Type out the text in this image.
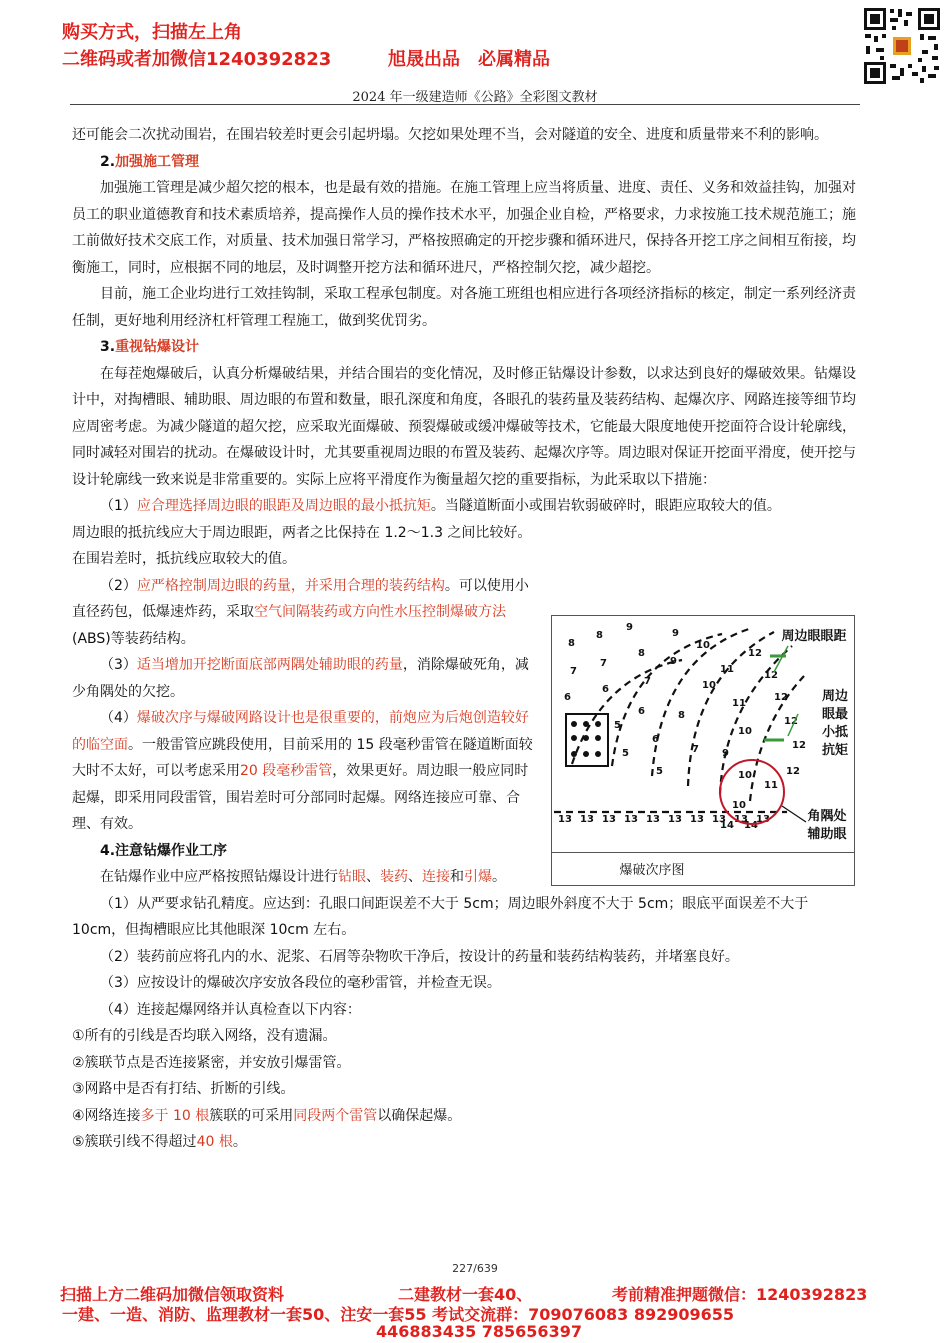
购买方式，扫描左上角
二维码或者加微信1240392823	旭晟出品　必属精品
2024 年一级建造师《公路》全彩图文教材

还可能会二次扰动围岩，在围岩较差时更会引起坍塌。欠挖如果处理不当，会对隧道的安全、进度和质量带来不利的影响。

2.加强施工管理

加强施工管理是减少超欠挖的根本，也是最有效的措施。在施工管理上应当将质量、进度、责任、义务和效益挂钩，加强对员工的职业道德教育和技术素质培养，提高操作人员的操作技术水平，加强企业自检，严格要求，力求按施工技术规范施工；施工前做好技术交底工作，对质量、技术加强日常学习，严格按照确定的开挖步骤和循环进尺，保持各开挖工序之间相互衔接，均衡施工，同时，应根据不同的地层，及时调整开挖方法和循环进尺，严格控制欠挖，减少超挖。

目前，施工企业均进行工效挂钩制，采取工程承包制度。对各施工班组也相应进行各项经济指标的核定，制定一系列经济责任制，更好地利用经济杠杆管理工程施工，做到奖优罚劣。

3.重视钻爆设计

在每茬炮爆破后，认真分析爆破结果，并结合围岩的变化情况，及时修正钻爆设计参数，以求达到良好的爆破效果。钻爆设计中，对掏槽眼、辅助眼、周边眼的布置和数量，眼孔深度和角度，各眼孔的装药量及装药结构、起爆次序、网路连接等细节均应周密考虑。为减少隧道的超欠挖，应采取光面爆破、预裂爆破或缓冲爆破等技术，它能最大限度地使开挖面符合设计轮廓线，同时减轻对围岩的扰动。在爆破设计时，尤其要重视周边眼的布置及装药、起爆次序等。周边眼对保证开挖面平滑度，使开挖与设计轮廓线一致来说是非常重要的。实际上应将平滑度作为衡量超欠挖的重要指标，为此采取以下措施：

（1）应合理选择周边眼的眼距及周边眼的最小抵抗矩。当隧道断面小或围岩软弱破碎时，眼距应取较大的值。

周边眼的抵抗线应大于周边眼距，两者之比保持在 1.2～1.3 之间比较好。在围岩差时，抵抗线应取较大的值。

（2）应严格控制周边眼的药量，并采用合理的装药结构。可以使用小直径药包，低爆速炸药，采取空气间隔装药或方向性水压控制爆破方法(ABS)等装药结构。

（3）适当增加开挖断面底部两隅处辅助眼的药量，消除爆破死角，减少角隅处的欠挖。

（4）爆破次序与爆破网路设计也是很重要的，前炮应为后炮创造较好的临空面。一般雷管应跳段使用，目前采用的 15 段毫秒雷管在隧道断面较大时不太好，可以考虑采用20 段毫秒雷管，效果更好。周边眼一般应同时起爆，即采用同段雷管，围岩差时可分部同时起爆。网络连接应可靠、合理、有效。

4.注意钻爆作业工序

在钻爆作业中应严格按照钻爆设计进行钻眼、装药、连接和引爆。

（1）从严要求钻孔精度。应达到：孔眼口间距误差不大于 5cm；周边眼外斜度不大于 5cm；眼底平面误差不大于 10cm，但掏槽眼应比其他眼深 10cm 左右。

（2）装药前应将孔内的水、泥浆、石屑等杂物吹干净后，按设计的药量和装药结构装药，并堵塞良好。

（3）应按设计的爆破次序安放各段位的毫秒雷管，并检查无误。

（4）连接起爆网络并认真检查以下内容：

①所有的引线是否均联入网络，没有遗漏。

②簇联节点是否连接紧密，并安放引爆雷管。

③网路中是否有打结、折断的引线。

④网络连接多于 10 根簇联的可采用同段两个雷管以确保起爆。

⑤簇联引线不得超过40 根。

8
8
9
7
7
8
6
6
7
9
10
9
6
5
5
6
5
8
7
10
11
11
10
12
12
12
12
12
12
9
10
11
10
14 14
13 13 13 13 13 13 13 13 13 13
周边眼眼距
周边眼最小抵抗矩
角隅处辅助眼
爆破次序图
227/639
扫描上方二维码加微信领取资料	二建教材一套40、	考前精准押题微信：1240392823
一建、一造、消防、监理教材一套50、注安一套55 考试交流群：709076083 892909655
446883435 785656397
